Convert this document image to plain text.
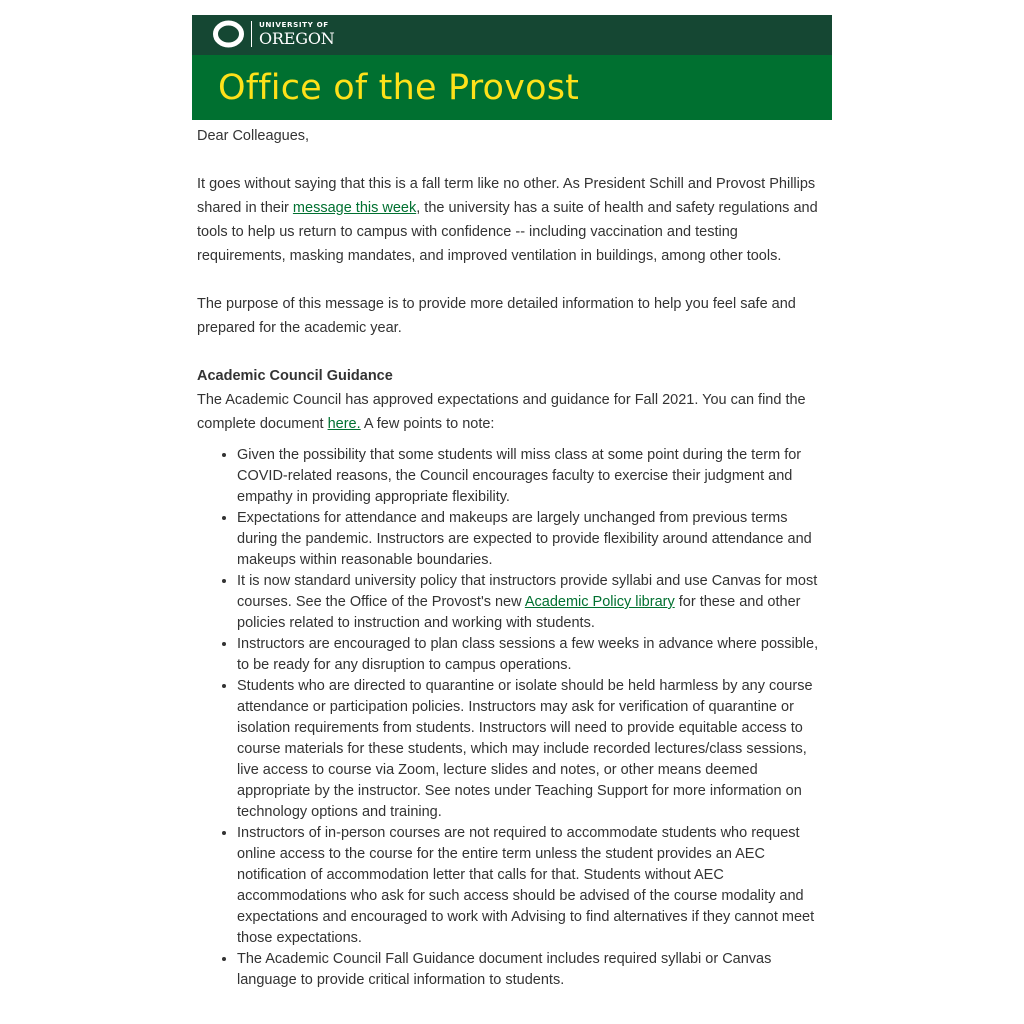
UNIVERSITY OF
OREGON
Office of the Provost

Dear Colleagues,

It goes without saying that this is a fall term like no other. As President Schill and Provost Phillips shared in their message this week, the university has a suite of health and safety regulations and tools to help us return to campus with confidence -- including vaccination and testing requirements, masking mandates, and improved ventilation in buildings, among other tools.

The purpose of this message is to provide more detailed information to help you feel safe and prepared for the academic year.

Academic Council Guidance

The Academic Council has approved expectations and guidance for Fall 2021. You can find the complete document here. A few points to note:

• Given the possibility that some students will miss class at some point during the term for COVID-related reasons, the Council encourages faculty to exercise their judgment and empathy in providing appropriate flexibility.
• Expectations for attendance and makeups are largely unchanged from previous terms during the pandemic. Instructors are expected to provide flexibility around attendance and makeups within reasonable boundaries.
• It is now standard university policy that instructors provide syllabi and use Canvas for most courses. See the Office of the Provost's new Academic Policy library for these and other policies related to instruction and working with students.
• Instructors are encouraged to plan class sessions a few weeks in advance where possible, to be ready for any disruption to campus operations.
• Students who are directed to quarantine or isolate should be held harmless by any course attendance or participation policies. Instructors may ask for verification of quarantine or isolation requirements from students. Instructors will need to provide equitable access to course materials for these students, which may include recorded lectures/class sessions, live access to course via Zoom, lecture slides and notes, or other means deemed appropriate by the instructor. See notes under Teaching Support for more information on technology options and training.
• Instructors of in-person courses are not required to accommodate students who request online access to the course for the entire term unless the student provides an AEC notification of accommodation letter that calls for that. Students without AEC accommodations who ask for such access should be advised of the course modality and expectations and encouraged to work with Advising to find alternatives if they cannot meet those expectations.
• The Academic Council Fall Guidance document includes required syllabi or Canvas language to provide critical information to students.
